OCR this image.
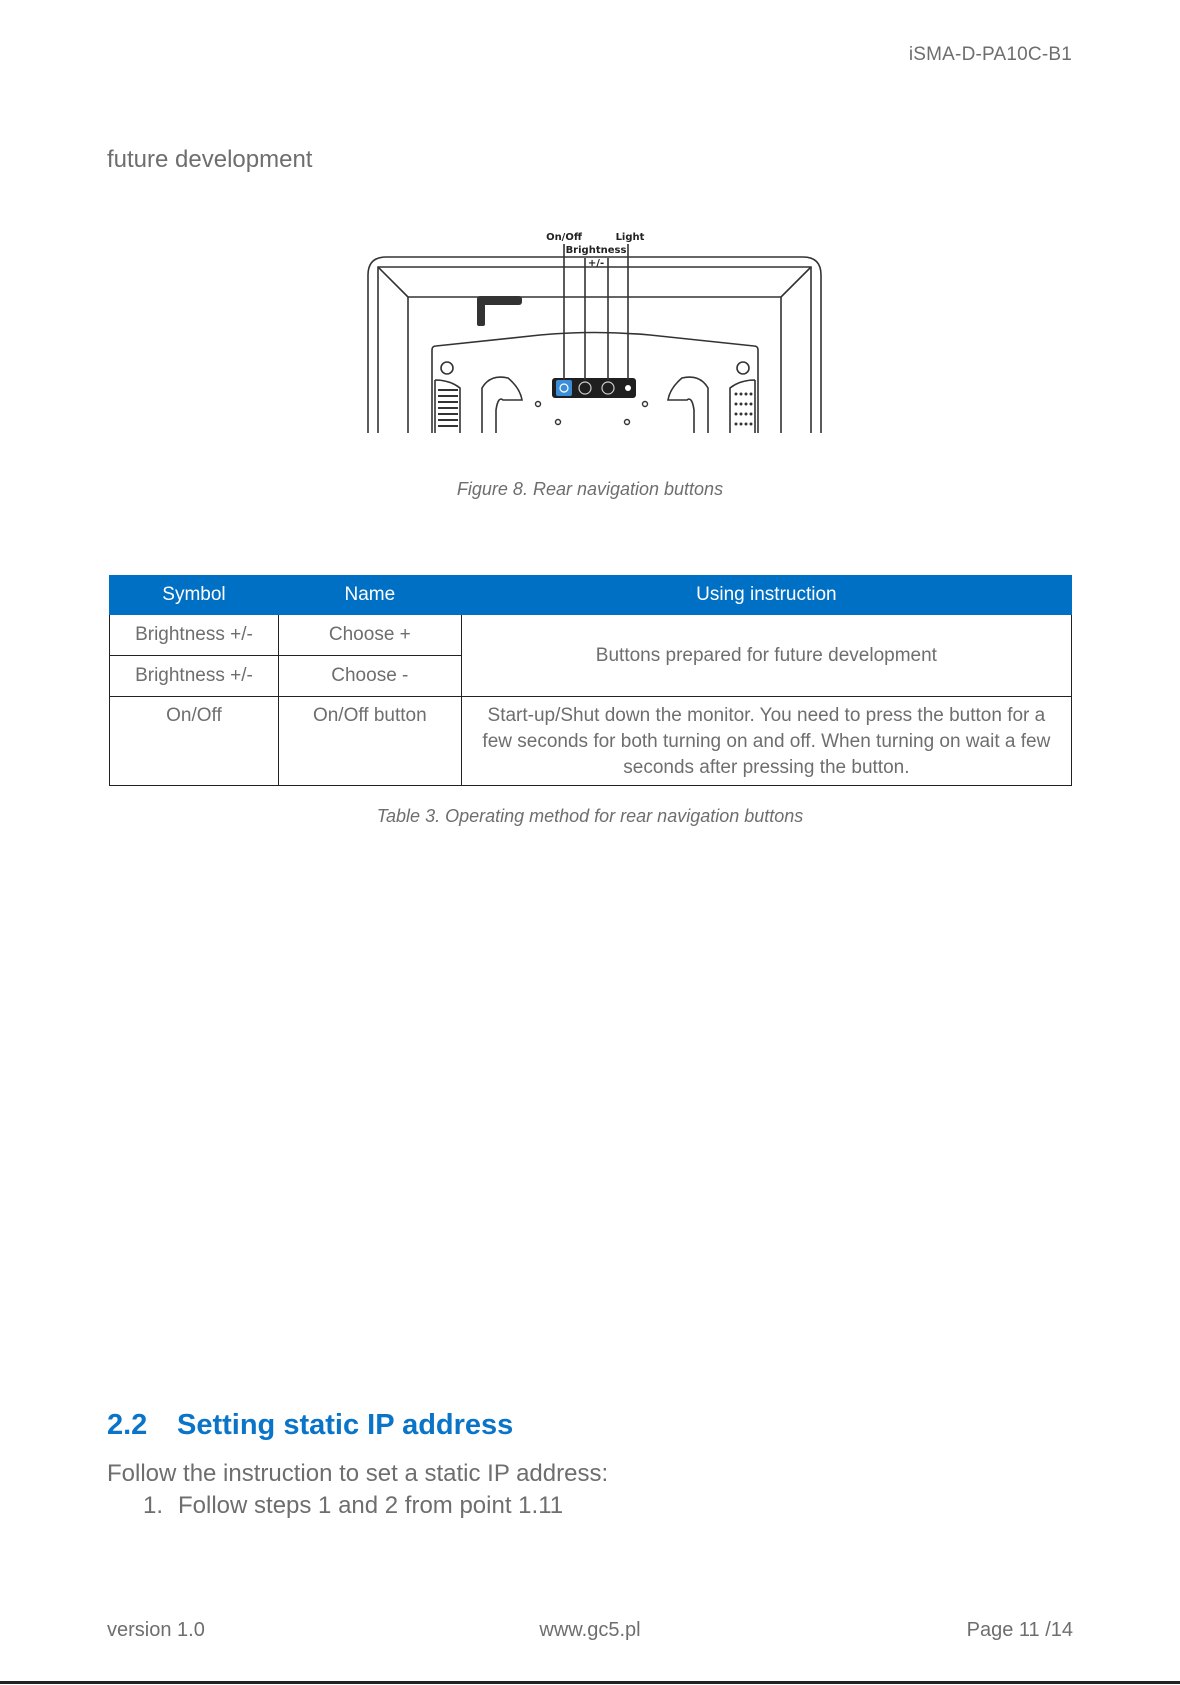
iSMA-D-PA10C-B1
future development
On/Off
Brightness
+/-
Light
Figure 8. Rear navigation buttons
Symbol	Name	Using instruction
Brightness +/-	Choose +	Buttons prepared for future development
Brightness +/-	Choose -	
On/Off	On/Off button	Start-up/Shut down the monitor. You need to press the button for a few seconds for both turning on and off. When turning on wait a few seconds after pressing the button.
Table 3. Operating method for rear navigation buttons
2.2 Setting static IP address
Follow the instruction to set a static IP address:
1. Follow steps 1 and 2 from point 1.11
version 1.0	www.gc5.pl	Page 11 /14
